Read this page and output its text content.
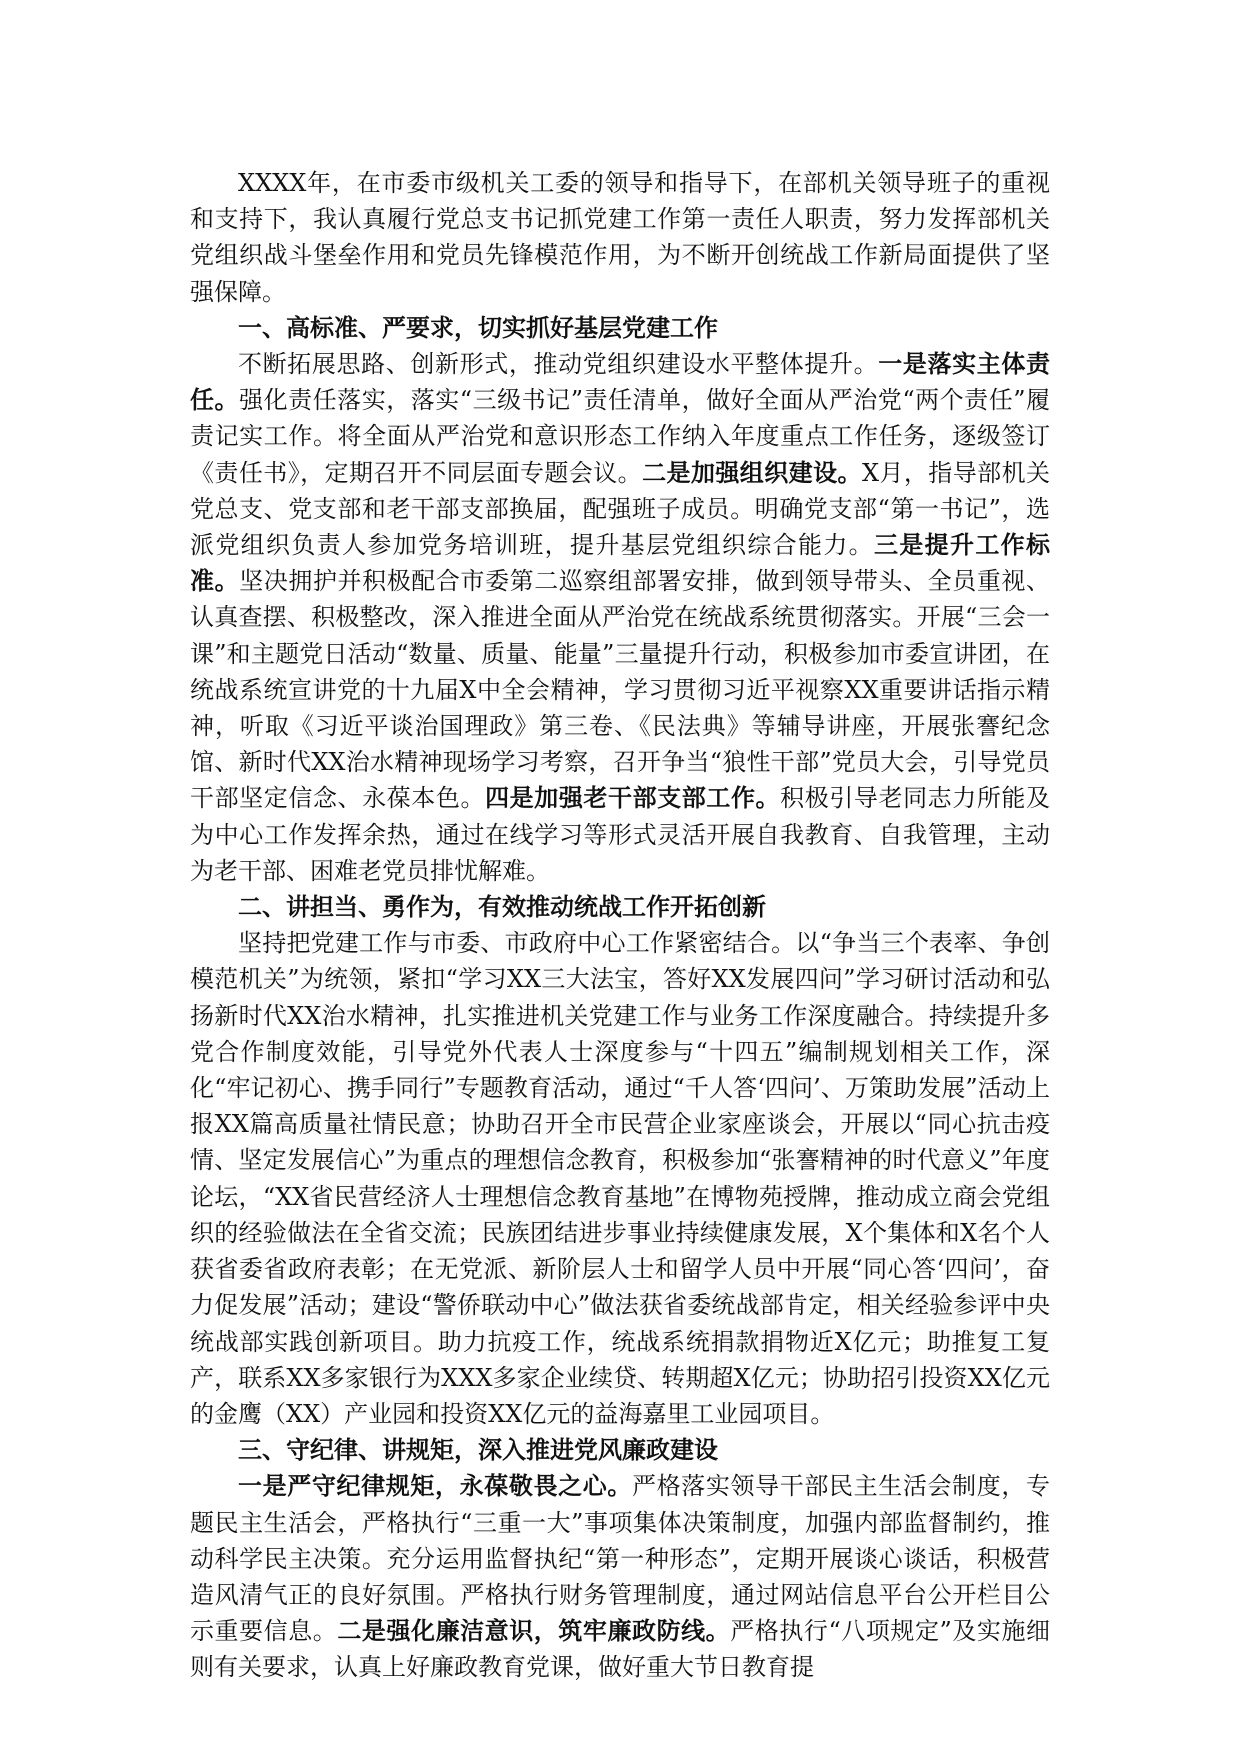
XXXX年，在市委市级机关工委的领导和指导下，在部机关领导班子的重视和支持下，我认真履行党总支书记抓党建工作第一责任人职责，努力发挥部机关党组织战斗堡垒作用和党员先锋模范作用，为不断开创统战工作新局面提供了坚强保障。

一、高标准、严要求，切实抓好基层党建工作

不断拓展思路、创新形式，推动党组织建设水平整体提升。一是落实主体责任。强化责任落实，落实“三级书记”责任清单，做好全面从严治党“两个责任”履责记实工作。将全面从严治党和意识形态工作纳入年度重点工作任务，逐级签订《责任书》，定期召开不同层面专题会议。二是加强组织建设。X月，指导部机关党总支、党支部和老干部支部换届，配强班子成员。明确党支部“第一书记”，选派党组织负责人参加党务培训班，提升基层党组织综合能力。三是提升工作标准。坚决拥护并积极配合市委第二巡察组部署安排，做到领导带头、全员重视、认真查摆、积极整改，深入推进全面从严治党在统战系统贯彻落实。开展“三会一课”和主题党日活动“数量、质量、能量”三量提升行动，积极参加市委宣讲团，在统战系统宣讲党的十九届X中全会精神，学习贯彻习近平视察XX重要讲话指示精神，听取《习近平谈治国理政》第三卷、《民法典》等辅导讲座，开展张謇纪念馆、新时代XX治水精神现场学习考察，召开争当“狼性干部”党员大会，引导党员干部坚定信念、永葆本色。四是加强老干部支部工作。积极引导老同志力所能及为中心工作发挥余热，通过在线学习等形式灵活开展自我教育、自我管理，主动为老干部、困难老党员排忧解难。

二、讲担当、勇作为，有效推动统战工作开拓创新

坚持把党建工作与市委、市政府中心工作紧密结合。以“争当三个表率、争创模范机关”为统领，紧扣“学习XX三大法宝，答好XX发展四问”学习研讨活动和弘扬新时代XX治水精神，扎实推进机关党建工作与业务工作深度融合。持续提升多党合作制度效能，引导党外代表人士深度参与“十四五”编制规划相关工作，深化“牢记初心、携手同行”专题教育活动，通过“千人答‘四问’、万策助发展”活动上报XX篇高质量社情民意；协助召开全市民营企业家座谈会，开展以“同心抗击疫情、坚定发展信心”为重点的理想信念教育，积极参加“张謇精神的时代意义”年度论坛，“XX省民营经济人士理想信念教育基地”在博物苑授牌，推动成立商会党组织的经验做法在全省交流；民族团结进步事业持续健康发展，X个集体和X名个人获省委省政府表彰；在无党派、新阶层人士和留学人员中开展“同心答‘四问’，奋力促发展”活动；建设“警侨联动中心”做法获省委统战部肯定，相关经验参评中央统战部实践创新项目。助力抗疫工作，统战系统捐款捐物近X亿元；助推复工复产，联系XX多家银行为XXX多家企业续贷、转期超X亿元；协助招引投资XX亿元的金鹰（XX）产业园和投资XX亿元的益海嘉里工业园项目。

三、守纪律、讲规矩，深入推进党风廉政建设

一是严守纪律规矩，永葆敬畏之心。严格落实领导干部民主生活会制度，专题民主生活会，严格执行“三重一大”事项集体决策制度，加强内部监督制约，推动科学民主决策。充分运用监督执纪“第一种形态”，定期开展谈心谈话，积极营造风清气正的良好氛围。严格执行财务管理制度，通过网站信息平台公开栏目公示重要信息。二是强化廉洁意识，筑牢廉政防线。严格执行“八项规定”及实施细则有关要求，认真上好廉政教育党课，做好重大节日教育提
